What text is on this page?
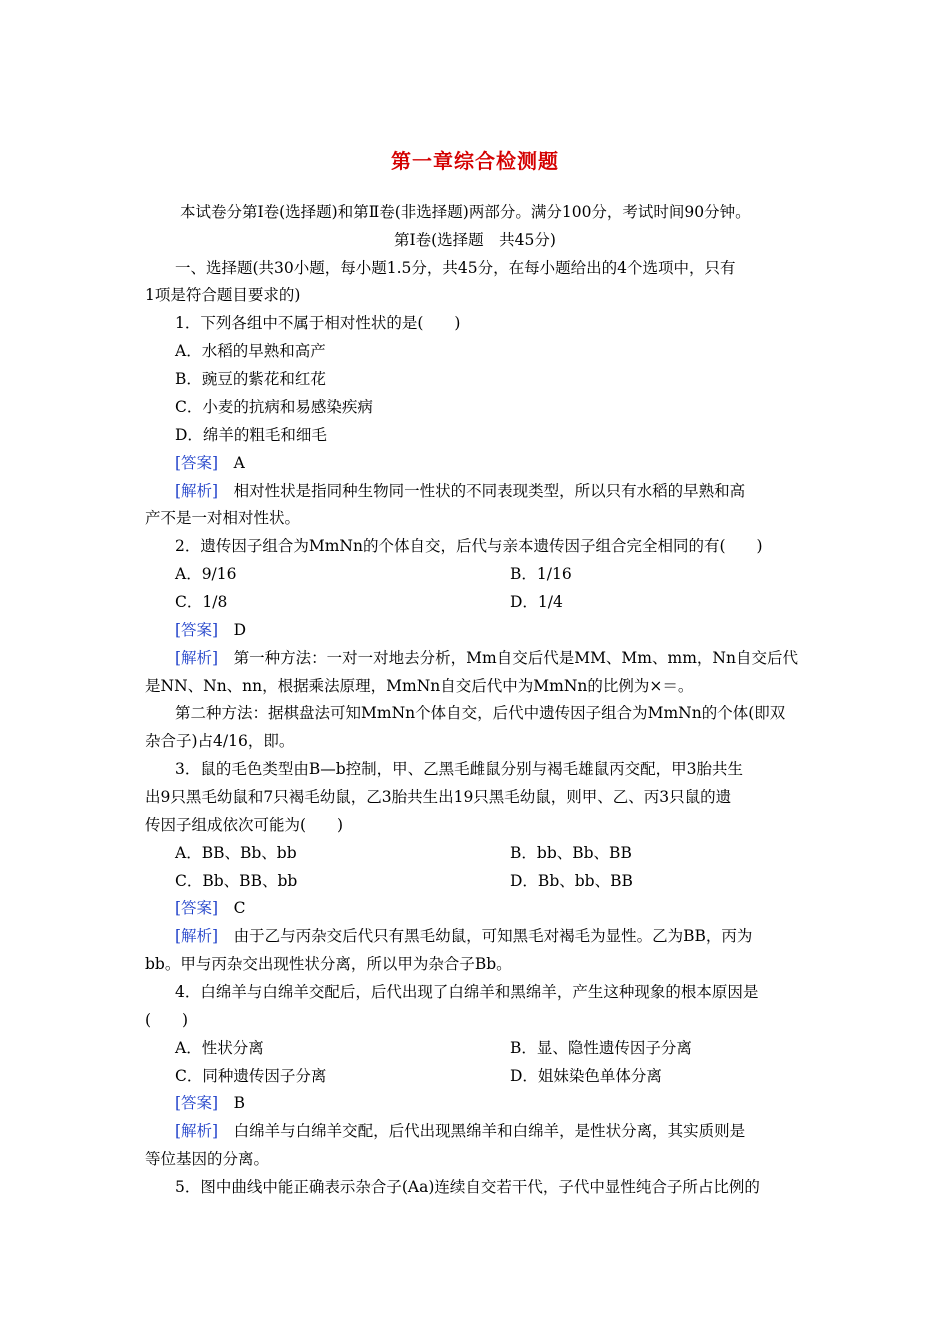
第一章综合检测题
本试卷分第Ⅰ卷(选择题)和第Ⅱ卷(非选择题)两部分。满分100分，考试时间90分钟。
第Ⅰ卷(选择题　共45分)
一、选择题(共30小题，每小题1.5分，共45分，在每小题给出的4个选项中，只有
1项是符合题目要求的)
1．下列各组中不属于相对性状的是(　　)
A．水稻的早熟和高产
B．豌豆的紫花和红花
C．小麦的抗病和易感染疾病
D．绵羊的粗毛和细毛
[答案]　 A
[解析]　 相对性状是指同种生物同一性状的不同表现类型，所以只有水稻的早熟和高
产不是一对相对性状。
2．遗传因子组合为MmNn的个体自交，后代与亲本遗传因子组合完全相同的有(　　)
A．9/16	B．1/16
C．1/8	D．1/4
[答案]　 D
[解析]　 第一种方法：一对一对地去分析，Mm自交后代是MM、Mm、mm，Nn自交后代
是NN、Nn、nn，根据乘法原理，MmNn自交后代中为MmNn的比例为×＝。
第二种方法：据棋盘法可知MmNn个体自交，后代中遗传因子组合为MmNn的个体(即双
杂合子)占4/16，即。
3．鼠的毛色类型由B—b控制，甲、乙黑毛雌鼠分别与褐毛雄鼠丙交配，甲3胎共生
出9只黑毛幼鼠和7只褐毛幼鼠，乙3胎共生出19只黑毛幼鼠，则甲、乙、丙3只鼠的遗
传因子组成依次可能为(　　)
A．BB、Bb、bb	B．bb、Bb、BB
C．Bb、BB、bb	D．Bb、bb、BB
[答案]　 C
[解析]　 由于乙与丙杂交后代只有黑毛幼鼠，可知黑毛对褐毛为显性。乙为BB，丙为
bb。甲与丙杂交出现性状分离，所以甲为杂合子Bb。
4．白绵羊与白绵羊交配后，后代出现了白绵羊和黑绵羊，产生这种现象的根本原因是
(　　)
A．性状分离	B．显、隐性遗传因子分离
C．同种遗传因子分离	D．姐妹染色单体分离
[答案]　 B
[解析]　 白绵羊与白绵羊交配，后代出现黑绵羊和白绵羊，是性状分离，其实质则是
等位基因的分离。
5．图中曲线中能正确表示杂合子(Aa)连续自交若干代，子代中显性纯合子所占比例的
